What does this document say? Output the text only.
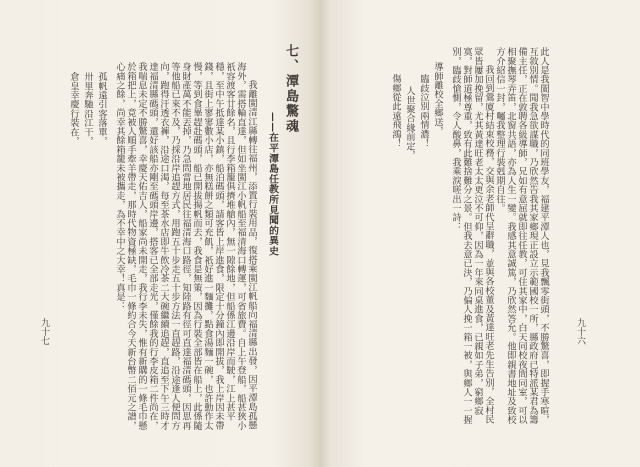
七、潭島驚魂
——在平潭島任教所見聞的異史

我離閩清江縣轉往福州，添置行裝用品，復搭乘閩江帆船向福清縣出發，因平潭島孤懸海外，需搭輪直達，但如坐閩江小帆船至福清海口轉運，可省旅費。自上午登船，船甚狹小祇容渡客廿餘名，且行李箱籠俱擠堆艙內，無一隙餘地，但船係江邊沿岸而駛，江上甚平穩，至中午抵達某小鎮，船泊碼頭，請客皆上岸進食，限定十分鐘內即開拔，我上岸因未帶錢，且街上寥寥數小店，亦無糕餅之類可充飢，祇好進一麵攤，點食湯麵一碗，也許動作太慢，等到食畢趕赴碼頭，船已開拔揚帆而去，我食是無策，因為行裝全部皆在船上，此係隨身財產萬不能丟掉，乃急問當地居民往福清海口路徑，知陸路有徑可直達福清碼頭，因思再等他船已來不及，乃採沿岸追趕方式，用跑五十步走五十步方法一直趕路，沿途逢人便問方向，跑得汗透衣褲，沿途口渴，每至茶水店即牛飲冷茶二大碗繼續追趕，直追至下午三時才達福清縣碼頭，還好該船亦剛至碼頭岸邊，搭客已全部走光，僅餘我的行李皮箱二件尚在，我喘息未定不勝驚喜，幸慶天佑吉人，船家尚未開走，我行李未失，惟有新購的一條毛巾懸於箱把上，竟被人順手牽羊帶走，那時代物資極缺，毛巾一條約合今天新台幣二佰元之譜，心痛之餘，尚幸其餘箱籠未被攜走，為不幸中之大幸！真是：

孤帆遠引客落單，
卅里奔馳沿江干，
倉皇幸慶行裝在，
九十七	此人是我閩智中學時代的同班學友，福建平潭人也，見我飄零街頭，不勝驚喜，即握手寒暄，互敘別情。聞我急欲謀職，乃欣然告我其家鄉現正設立示範國校一所，縣政府已特派某君為籌備主任，正在敦聘各級導師，兄如有意屈就即往任教，可住其家中，白天同校夜間同室，可以相聚撫琴弄笛，北窗共語，亦為人生一變。我感其意誠篤，乃欣然答允。他即親書地址及致校方介紹信一封，囑我整理行裝剋期自往。

我回到鶯廈村結束校務，交與余老師代呈辭職，並與各校董及黃達旺老先生告別，全村民眾皆屢加挽留，尤其黃達旺老太太更泣不可仰，因為一年來同桌進食，已親如子弟，窮鄉寂寞，對師道極尊重，致有此難捨難分之景。但我去意已決，乃偏人挽一箱一被，與鄉人一一握別，臨歧愴惻，令人酸鼻，我乘淚嗟出一詩：

導師離校全鄉送，
臨歧泣別兩情濃！
人世聚合緣前定，
傷鄉從此遠飛鴻！
九十六
